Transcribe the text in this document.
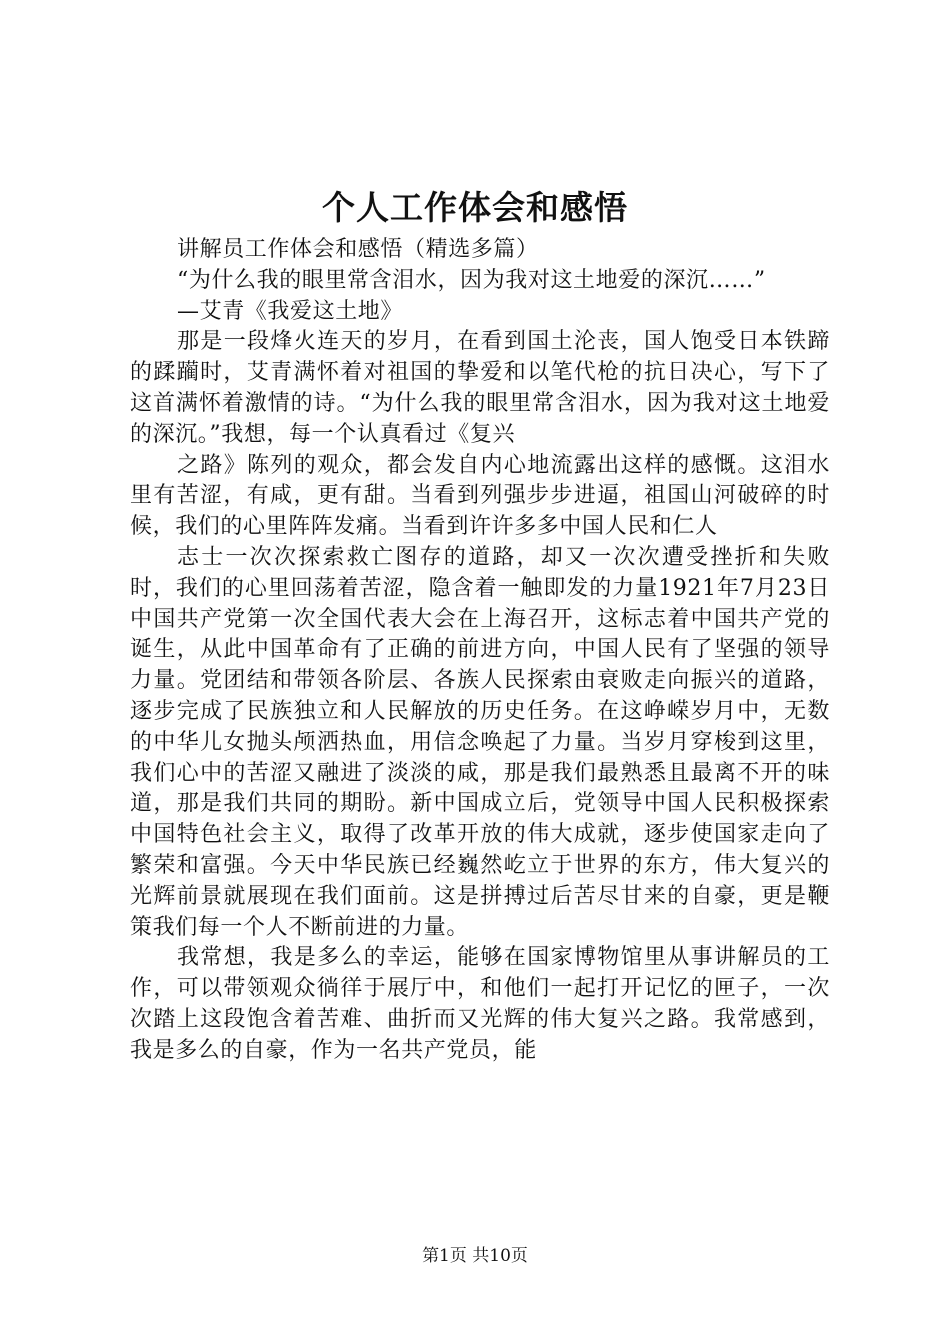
个人工作体会和感悟

讲解员工作体会和感悟（精选多篇）

“为什么我的眼里常含泪水，因为我对这土地爱的深沉……”

—艾青《我爱这土地》

那是一段烽火连天的岁月，在看到国土沦丧，国人饱受日本铁蹄的蹂躏时，艾青满怀着对祖国的挚爱和以笔代枪的抗日决心，写下了这首满怀着激情的诗。“为什么我的眼里常含泪水，因为我对这土地爱的深沉。”我想，每一个认真看过《复兴

之路》陈列的观众，都会发自内心地流露出这样的感慨。这泪水里有苦涩，有咸，更有甜。当看到列强步步进逼，祖国山河破碎的时候，我们的心里阵阵发痛。当看到许许多多中国人民和仁人

志士一次次探索救亡图存的道路，却又一次次遭受挫折和失败时，我们的心里回荡着苦涩，隐含着一触即发的力量1921年7月23日中国共产党第一次全国代表大会在上海召开，这标志着中国共产党的诞生，从此中国革命有了正确的前进方向，中国人民有了坚强的领导力量。党团结和带领各阶层、各族人民探索由衰败走向振兴的道路，逐步完成了民族独立和人民解放的历史任务。在这峥嵘岁月中，无数的中华儿女抛头颅洒热血，用信念唤起了力量。当岁月穿梭到这里，我们心中的苦涩又融进了淡淡的咸，那是我们最熟悉且最离不开的味道，那是我们共同的期盼。新中国成立后，党领导中国人民积极探索中国特色社会主义，取得了改革开放的伟大成就，逐步使国家走向了繁荣和富强。今天中华民族已经巍然屹立于世界的东方，伟大复兴的光辉前景就展现在我们面前。这是拼搏过后苦尽甘来的自豪，更是鞭策我们每一个人不断前进的力量。

我常想，我是多么的幸运，能够在国家博物馆里从事讲解员的工作，可以带领观众徜徉于展厅中，和他们一起打开记忆的匣子，一次次踏上这段饱含着苦难、曲折而又光辉的伟大复兴之路。我常感到，我是多么的自豪，作为一名共产党员，能

第1页 共10页
